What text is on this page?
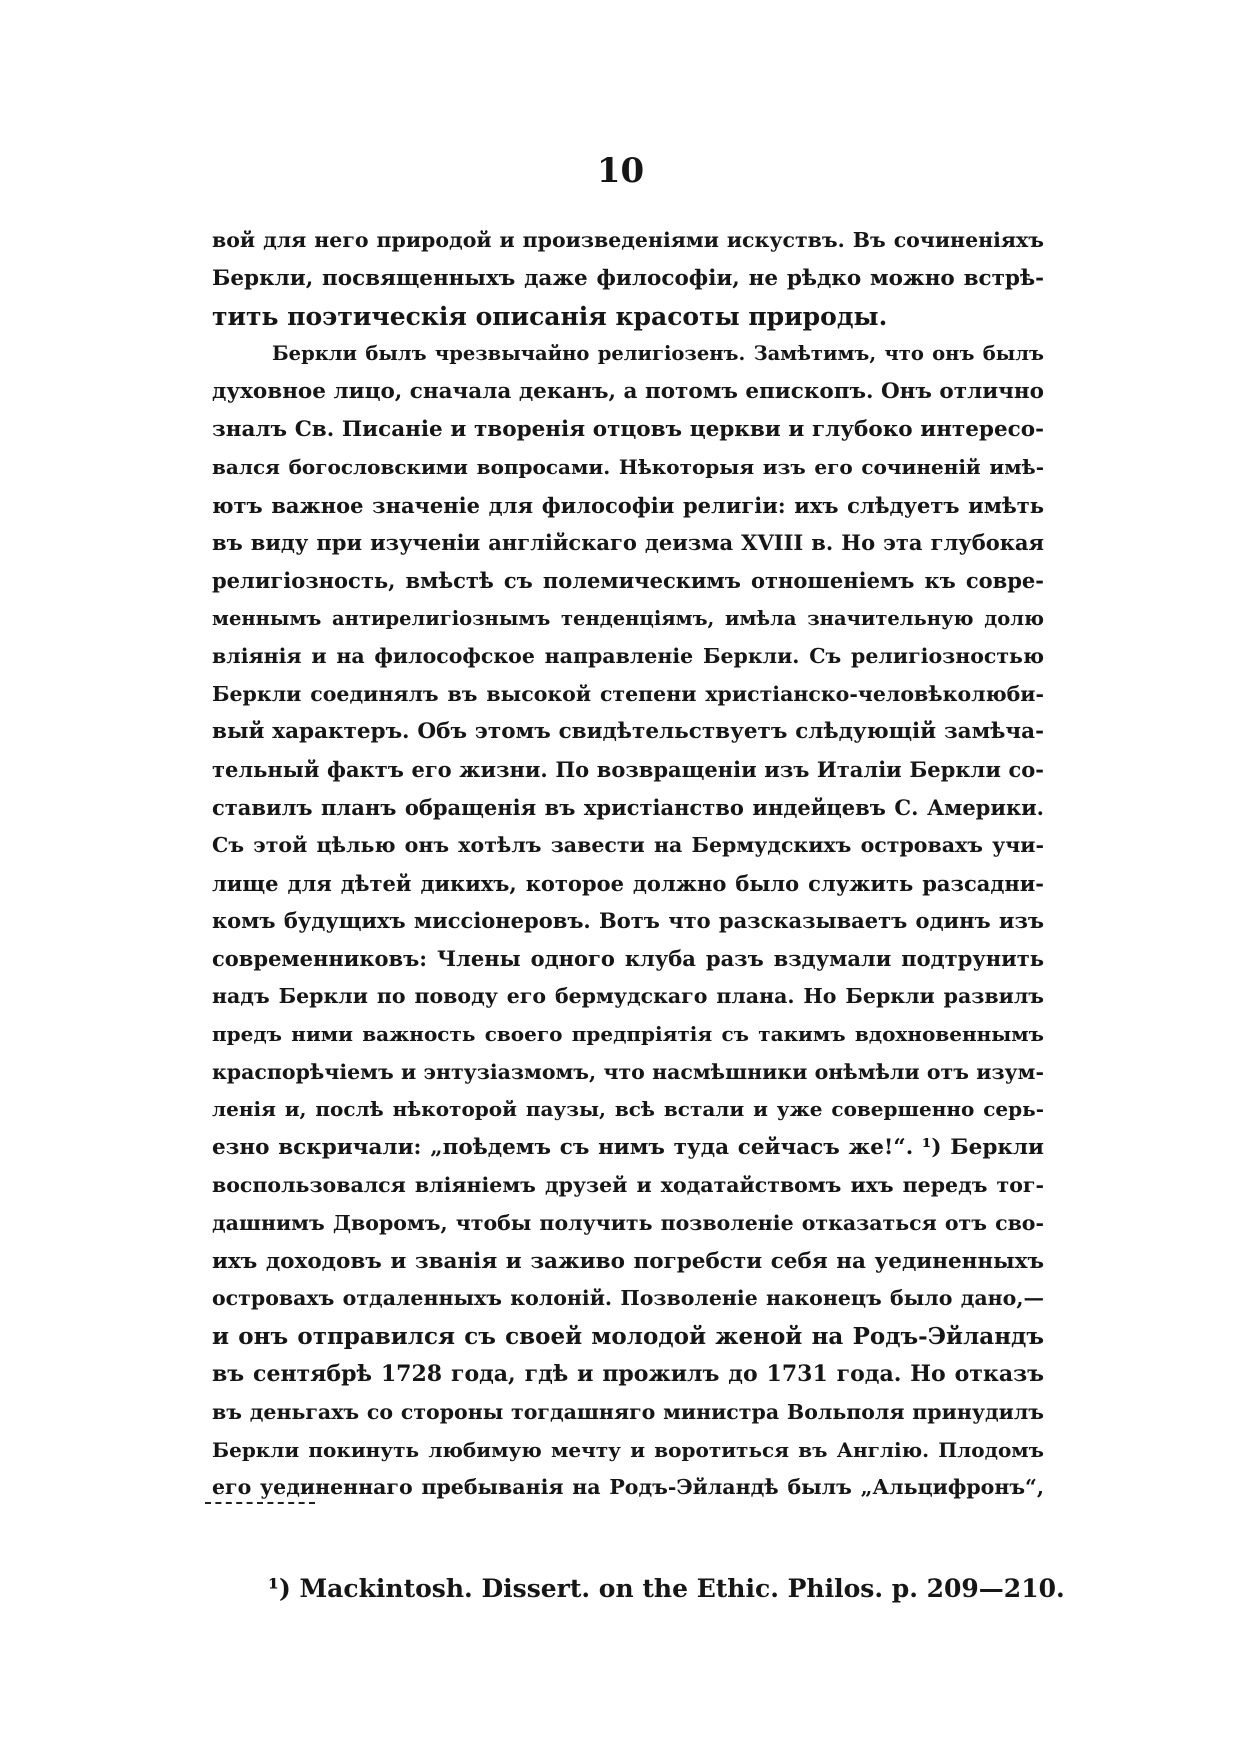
10
вой для него природой и произведеніями искуствъ. Въ сочиненіяхъ
Беркли, посвященныхъ даже философіи, не рѣдко можно встрѣ-
тить поэтическія описанія красоты природы.
Беркли былъ чрезвычайно религіозенъ. Замѣтимъ, что онъ былъ
духовное лицо, сначала деканъ, а потомъ епископъ. Онъ отлично
зналъ Св. Писаніе и творенія отцовъ церкви и глубоко интересо-
вался богословскими вопросами. Нѣкоторыя изъ его сочиненій имѣ-
ютъ важное значеніе для философіи религіи: ихъ слѣдуетъ имѣть
въ виду при изученіи англійскаго деизма XVIII в. Но эта глубокая
религіозность, вмѣстѣ съ полемическимъ отношеніемъ къ совре-
меннымъ антирелигіознымъ тенденціямъ, имѣла значительную долю
вліянія и на философское направленіе Беркли. Съ религіозностью
Беркли соединялъ въ высокой степени христіанско-человѣколюби-
вый характеръ. Объ этомъ свидѣтельствуетъ слѣдующій замѣча-
тельный фактъ его жизни. По возвращеніи изъ Италіи Беркли со-
ставилъ планъ обращенія въ христіанство индейцевъ С. Америки.
Съ этой цѣлью онъ хотѣлъ завести на Бермудскихъ островахъ учи-
лище для дѣтей дикихъ, которое должно было служить разсадни-
комъ будущихъ миссіонеровъ. Вотъ что разсказываетъ одинъ изъ
современниковъ: Члены одного клуба разъ вздумали подтрунить
надъ Беркли по поводу его бермудскаго плана. Но Беркли развилъ
предъ ними важность своего предпріятія съ такимъ вдохновеннымъ
краспорѣчіемъ и энтузіазмомъ, что насмѣшники онѣмѣли отъ изум-
ленія и, послѣ нѣкоторой паузы, всѣ встали и уже совершенно серь-
езно вскричали: „поѣдемъ съ нимъ туда сейчасъ же!“. ¹) Беркли
воспользовался вліяніемъ друзей и ходатайствомъ ихъ передъ тог-
дашнимъ Дворомъ, чтобы получить позволеніе отказаться отъ сво-
ихъ доходовъ и званія и заживо погребсти себя на уединенныхъ
островахъ отдаленныхъ колоній. Позволеніе наконецъ было дано,—
и онъ отправился съ своей молодой женой на Родъ-Эйландъ
въ сентябрѣ 1728 года, гдѣ и прожилъ до 1731 года. Но отказъ
въ деньгахъ со стороны тогдашняго министра Вольполя принудилъ
Беркли покинуть любимую мечту и воротиться въ Англію. Плодомъ
его уединеннаго пребыванія на Родъ-Эйландѣ былъ „Альцифронъ“,
¹) Mackintosh. Dissert. on the Ethic. Philos. p. 209—210.
